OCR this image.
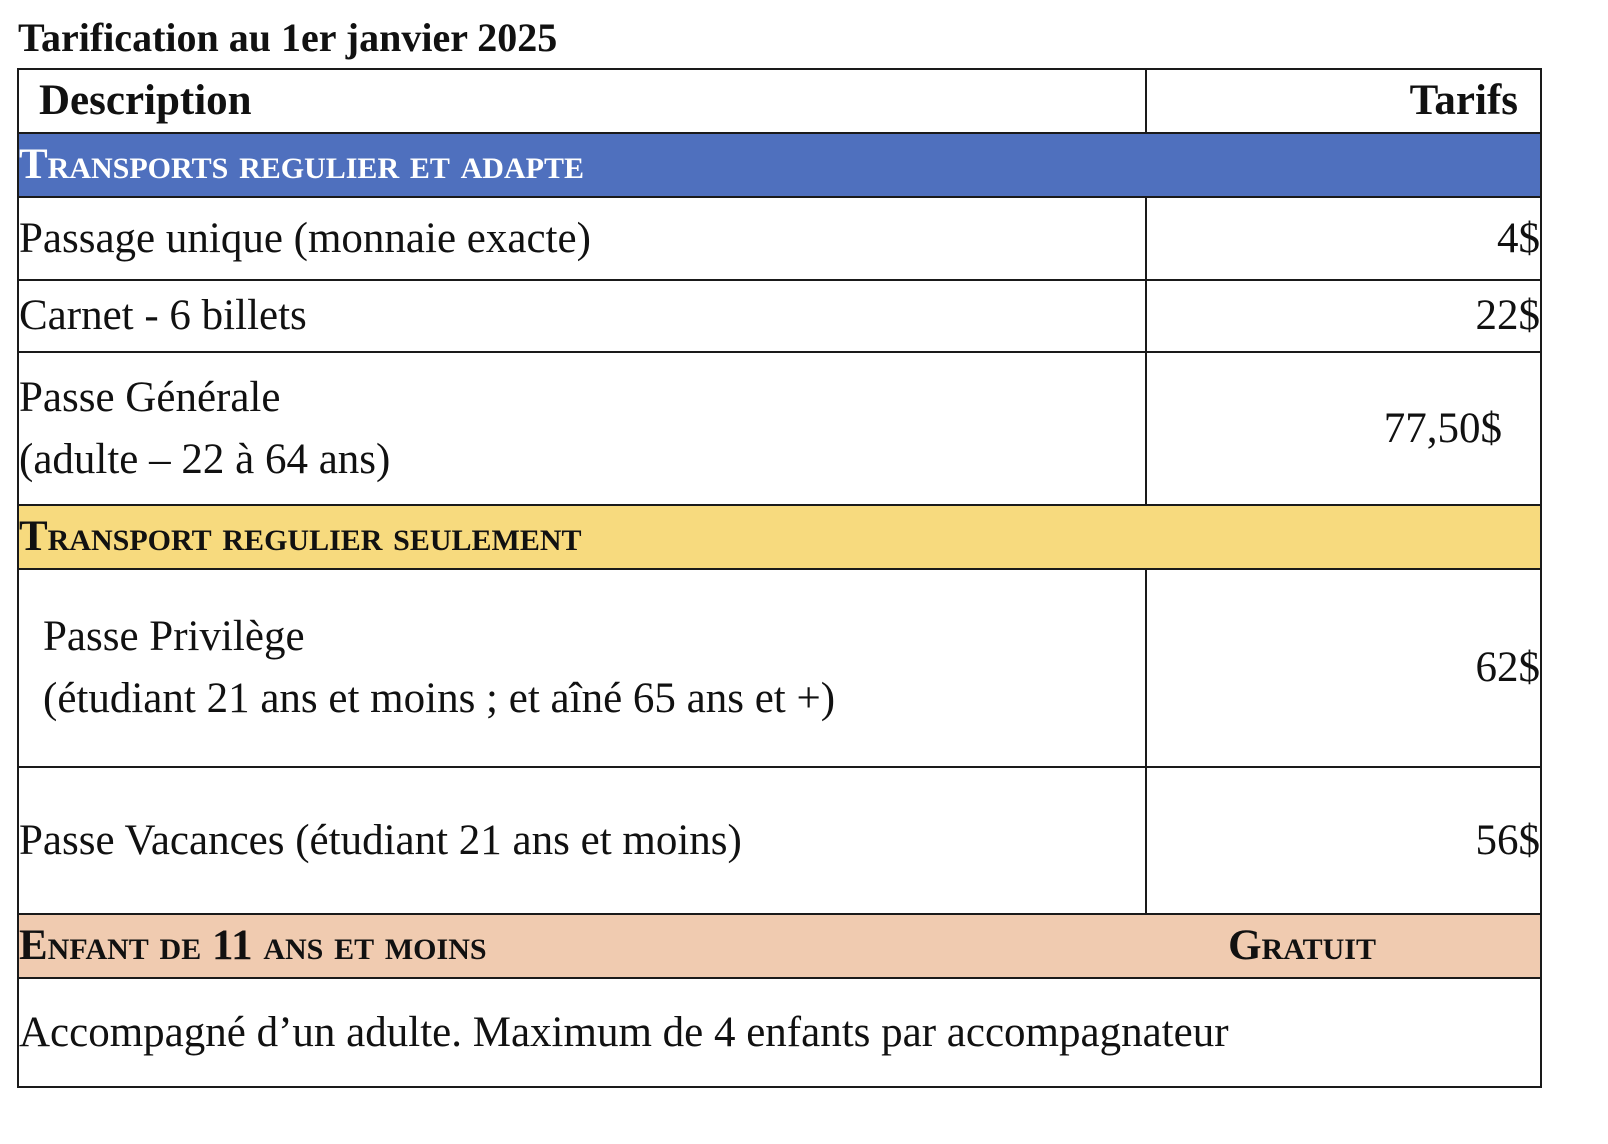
Tarification au 1er janvier 2025
Description	Tarifs
Transports regulier et adapte	
Passage unique (monnaie exacte)	4$
Carnet - 6 billets	22$

Passe Générale
(adulte – 22 à 64 ans)	77,50$
Transport regulier seulement	

Passe Privilège
(étudiant 21 ans et moins ; et aîné 65 ans et +)	62$
Passe Vacances (étudiant 21 ans et moins)	56$
Enfant de 11 ans et moins	Gratuit
Accompagné d’un adulte. Maximum de 4 enfants par accompagnateur	
